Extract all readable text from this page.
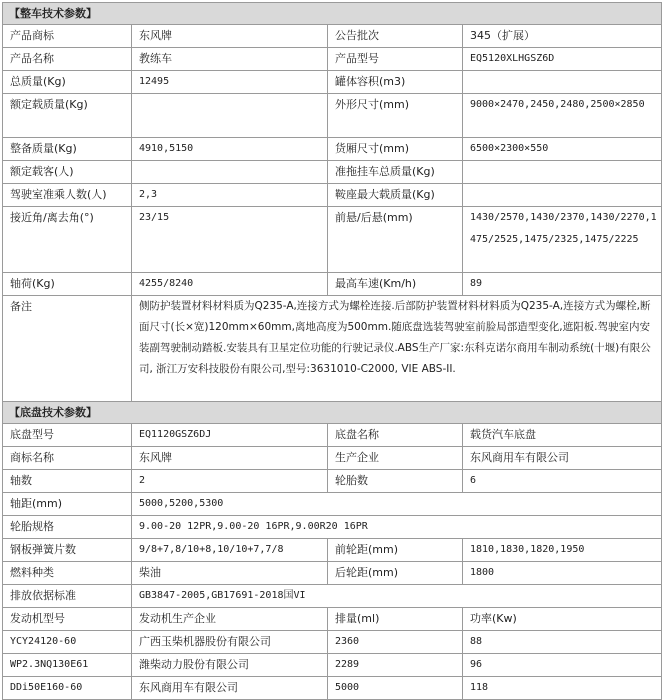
【整车技术参数】			
产品商标	东风牌	公告批次	345（扩展）
产品名称	教练车	产品型号	EQ5120XLHGSZ6D
总质量(Kg)	12495	罐体容积(m3)	
额定载质量(Kg)		外形尺寸(mm)	9000×2470,2450,2480,2500×2850
整备质量(Kg)	4910,5150	货厢尺寸(mm)	6500×2300×550
额定载客(人)		准拖挂车总质量(Kg)	
驾驶室准乘人数(人)	2,3	鞍座最大载质量(Kg)	
接近角/离去角(°)	23/15	前悬/后悬(mm)	1430/2570,1430/2370,1430/2270,1475/2525,1475/2325,1475/2225
轴荷(Kg)	4255/8240	最高车速(Km/h)	89
备注	侧防护装置材料材料质为Q235-A,连接方式为螺栓连接.后部防护装置材料材料质为Q235-A,连接方式为螺栓,断面尺寸(长×宽)120mm×60mm,离地高度为500mm.随底盘选装驾驶室前脸局部造型变化,遮阳板.驾驶室内安装副驾驶制动踏板.安装具有卫星定位功能的行驶记录仪.ABS生产厂家:东科克诺尔商用车制动系统(十堰)有限公司, 浙江万安科技股份有限公司,型号:3631010-C2000, VIE ABS-II.		
【底盘技术参数】			
底盘型号	EQ1120GSZ6DJ	底盘名称	载货汽车底盘
商标名称	东风牌	生产企业	东风商用车有限公司
轴数	2	轮胎数	6
轴距(mm)	5000,5200,5300		
轮胎规格	9.00-20 12PR,9.00-20 16PR,9.00R20 16PR		
钢板弹簧片数	9/8+7,8/10+8,10/10+7,7/8	前轮距(mm)	1810,1830,1820,1950
燃料种类	柴油	后轮距(mm)	1800
排放依据标准	GB3847-2005,GB17691-2018国VI		
发动机型号	发动机生产企业	排量(ml)	功率(Kw)
YCY24120-60	广西玉柴机器股份有限公司	2360	88
WP2.3NQ130E61	潍柴动力股份有限公司	2289	96
DDi50E160-60	东风商用车有限公司	5000	118
